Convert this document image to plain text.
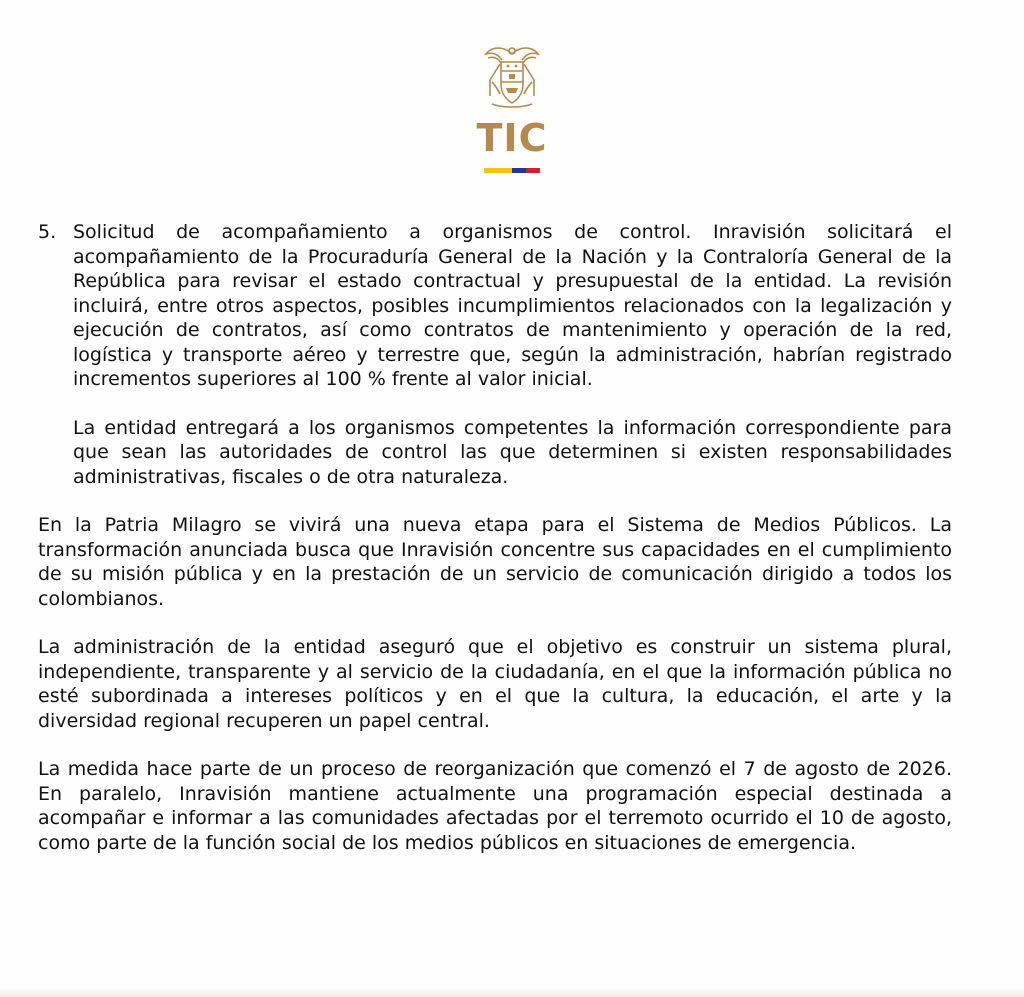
TIC
5. Solicitud de acompañamiento a organismos de control. Inravisión solicitará el acompañamiento de la Procuraduría General de la Nación y la Contraloría General de la República para revisar el estado contractual y presupuestal de la entidad. La revisión incluirá, entre otros aspectos, posibles incumplimientos relacionados con la legalización y ejecución de contratos, así como contratos de mantenimiento y operación de la red, logística y transporte aéreo y terrestre que, según la administración, habrían registrado incrementos superiores al 100 % frente al valor inicial.

La entidad entregará a los organismos competentes la información correspondiente para que sean las autoridades de control las que determinen si existen responsabilidades administrativas, fiscales o de otra naturaleza.

En la Patria Milagro se vivirá una nueva etapa para el Sistema de Medios Públicos. La transformación anunciada busca que Inravisión concentre sus capacidades en el cumplimiento de su misión pública y en la prestación de un servicio de comunicación dirigido a todos los colombianos.

La administración de la entidad aseguró que el objetivo es construir un sistema plural, independiente, transparente y al servicio de la ciudadanía, en el que la información pública no esté subordinada a intereses políticos y en el que la cultura, la educación, el arte y la diversidad regional recuperen un papel central.

La medida hace parte de un proceso de reorganización que comenzó el 7 de agosto de 2026. En paralelo, Inravisión mantiene actualmente una programación especial destinada a acompañar e informar a las comunidades afectadas por el terremoto ocurrido el 10 de agosto, como parte de la función social de los medios públicos en situaciones de emergencia.
